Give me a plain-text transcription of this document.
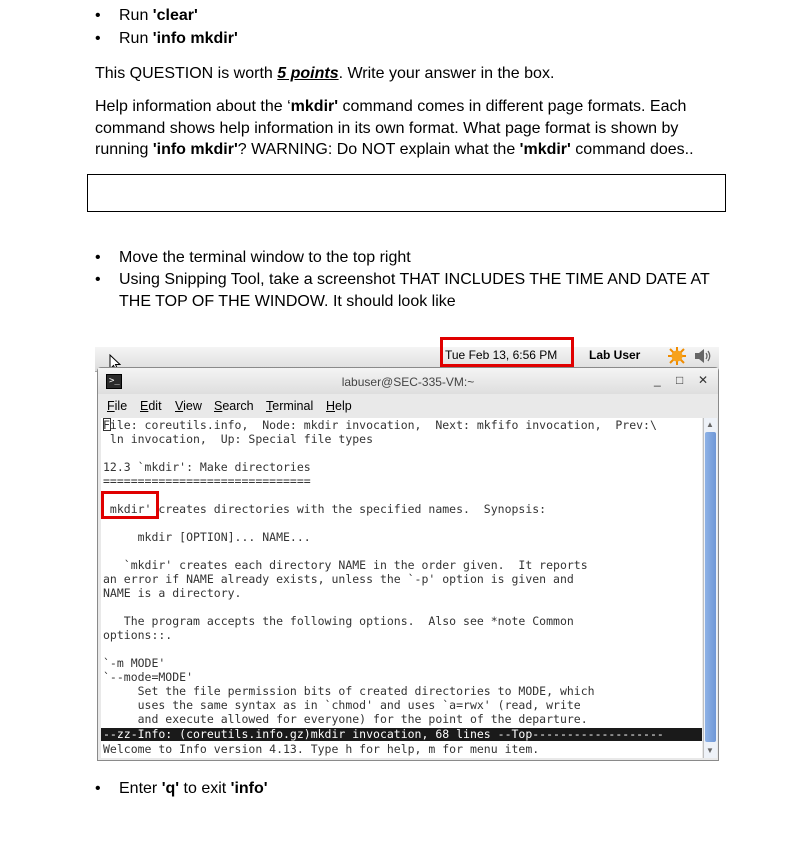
• Run 'clear'
• Run 'info mkdir'
This QUESTION is worth 5 points. Write your answer in the box.
Help information about the ‘mkdir' command comes in different page formats. Each command shows help information in its own format. What page format is shown by running 'info mkdir'? WARNING: Do NOT explain what the 'mkdir' command does..
• Move the terminal window to the top right
• Using Snipping Tool, take a screenshot THAT INCLUDES THE TIME AND DATE AT THE TOP OF THE WINDOW. It should look like
Tue Feb 13, 6:56 PM	Lab User
>_	labuser@SEC-335-VM:~	_ □ ✕
File Edit View Search Terminal Help
and execute allowed for everyone) for the point of the departure.
uses the same syntax as in `chmod' and uses `a=rwx' (read, write
Set the file permission bits of created directories to MODE, which
`--mode=MODE'
`-m MODE'
options::.
The program accepts the following options.  Also see *note Common
NAME is a directory.
an error if NAME already exists, unless the `-p' option is given and
`mkdir' creates each directory NAME in the order given.  It reports
mkdir [OPTION]... NAME...
mkdir' creates directories with the specified names.  Synopsis:
==============================
12.3 `mkdir': Make directories
ln invocation,  Up: Special file types
File: coreutils.info,  Node: mkdir invocation,  Next: mkfifo invocation,  Prev:\
--zz-Info: (coreutils.info.gz)mkdir invocation, 68 lines --Top-------------------
Welcome to Info version 4.13. Type h for help, m for menu item.
▲
▼
• Enter 'q' to exit 'info'
